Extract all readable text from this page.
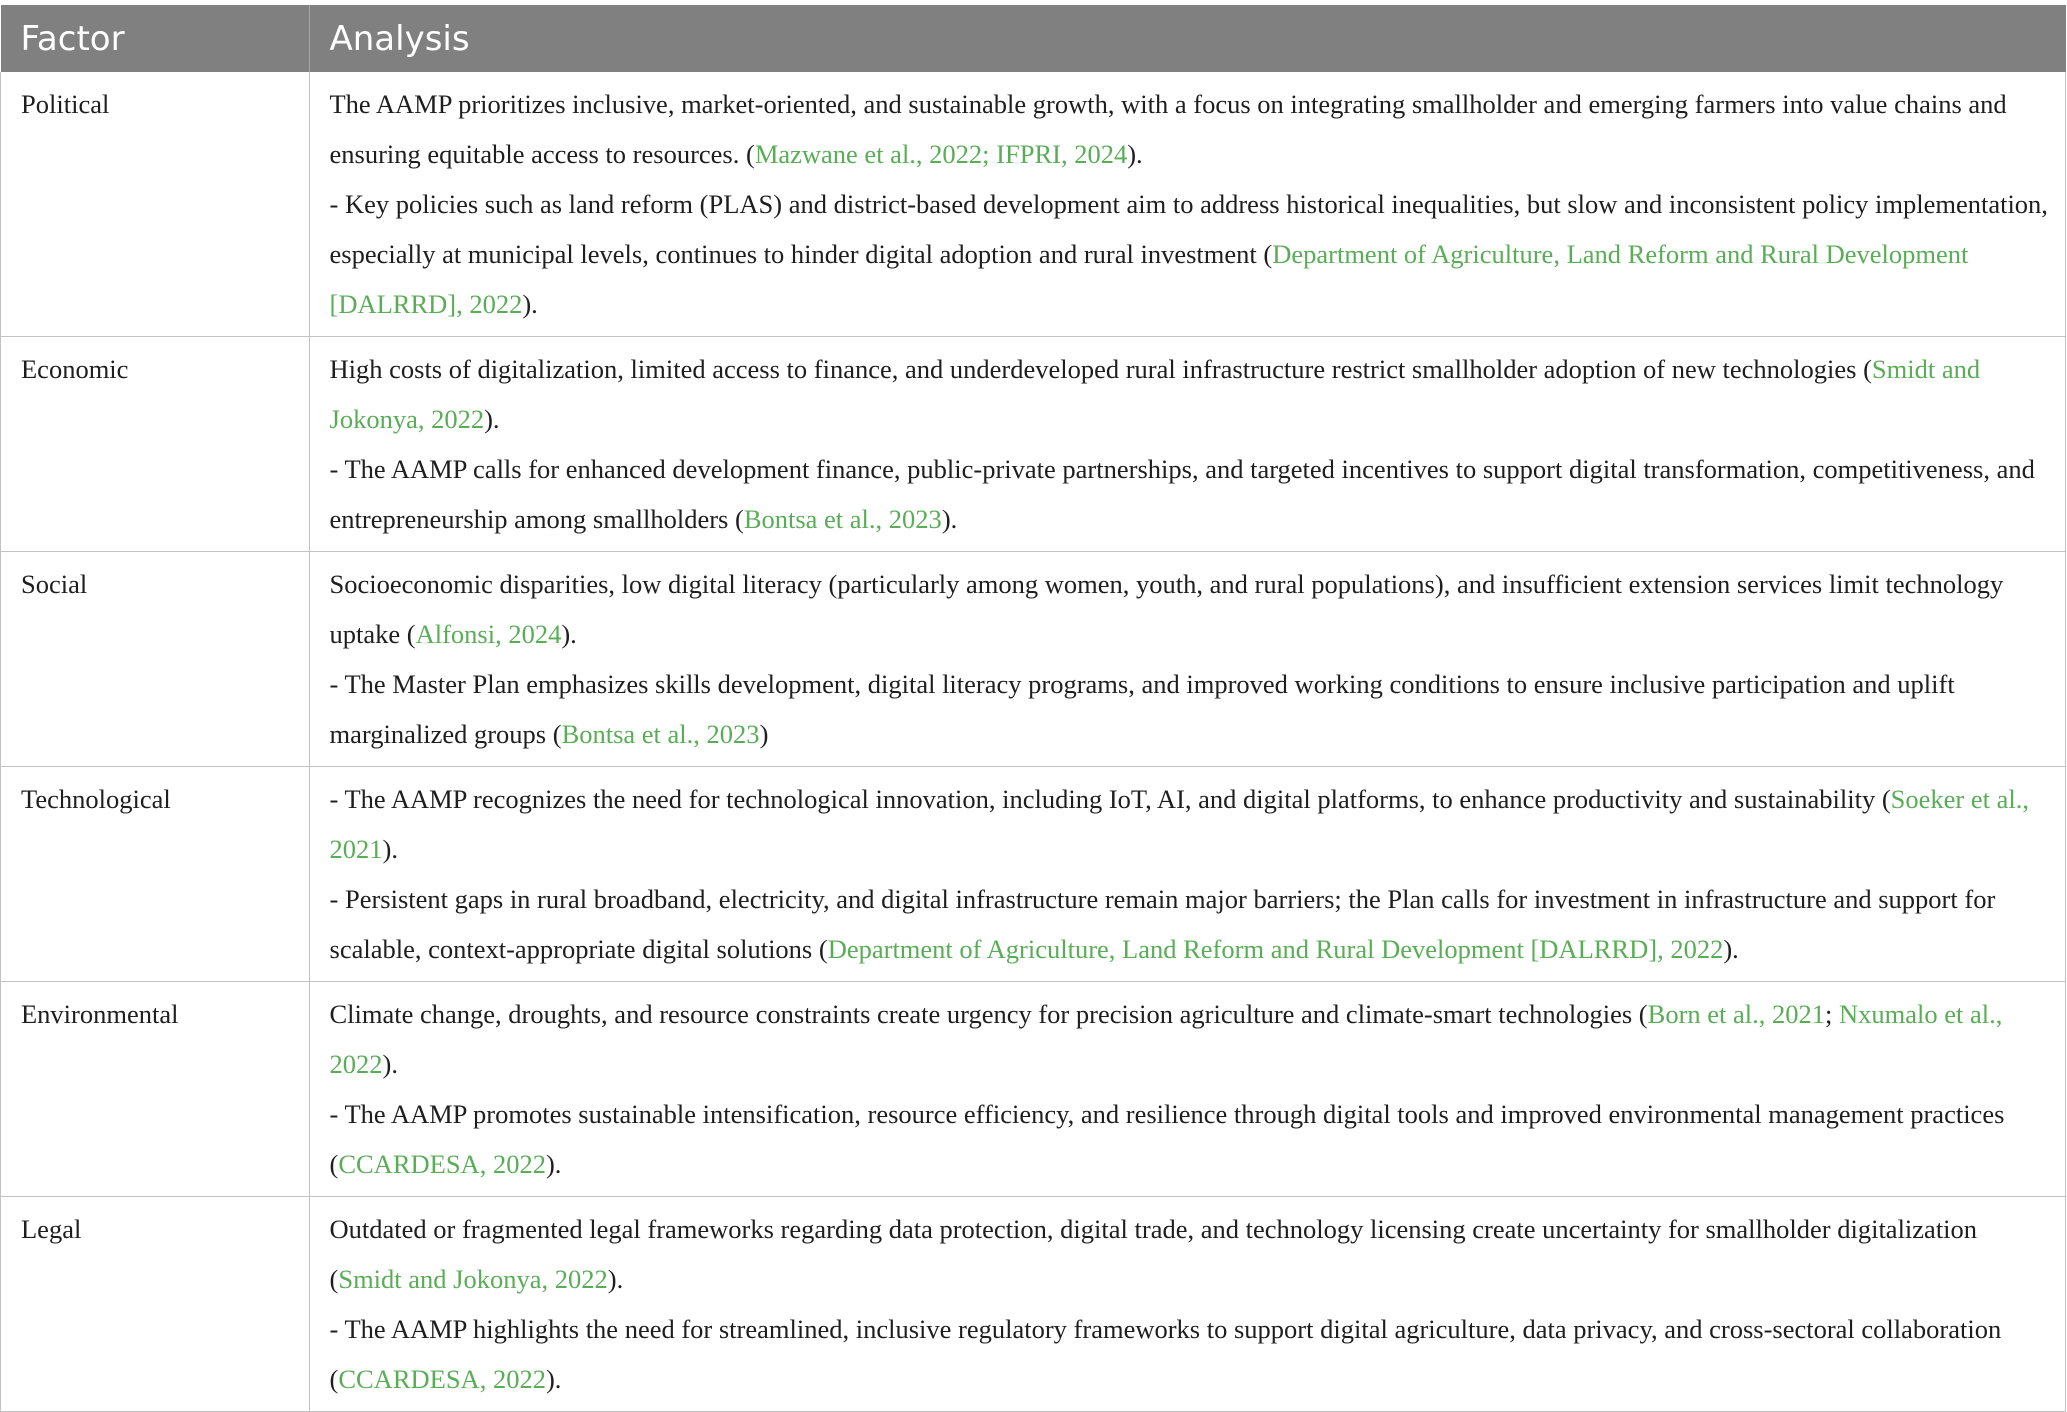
Factor	Analysis
Political	The AAMP prioritizes inclusive, market-oriented, and sustainable growth, with a focus on integrating smallholder and emerging farmers into value chains and ensuring equitable access to resources. (Mazwane et al., 2022; IFPRI, 2024).
- Key policies such as land reform (PLAS) and district-based development aim to address historical inequalities, but slow and inconsistent policy implementation, especially at municipal levels, continues to hinder digital adoption and rural investment (Department of Agriculture, Land Reform and Rural Development [DALRRD], 2022).

Economic	High costs of digitalization, limited access to finance, and underdeveloped rural infrastructure restrict smallholder adoption of new technologies (Smidt and Jokonya, 2022).
- The AAMP calls for enhanced development finance, public-private partnerships, and targeted incentives to support digital transformation, competitiveness, and entrepreneurship among smallholders (Bontsa et al., 2023).

Social	Socioeconomic disparities, low digital literacy (particularly among women, youth, and rural populations), and insufficient extension services limit technology uptake (Alfonsi, 2024).
- The Master Plan emphasizes skills development, digital literacy programs, and improved working conditions to ensure inclusive participation and uplift marginalized groups (Bontsa et al., 2023)

Technological	- The AAMP recognizes the need for technological innovation, including IoT, AI, and digital platforms, to enhance productivity and sustainability (Soeker et al., 2021).
- Persistent gaps in rural broadband, electricity, and digital infrastructure remain major barriers; the Plan calls for investment in infrastructure and support for scalable, context-appropriate digital solutions (Department of Agriculture, Land Reform and Rural Development [DALRRD], 2022).

Environmental	Climate change, droughts, and resource constraints create urgency for precision agriculture and climate-smart technologies (Born et al., 2021; Nxumalo et al., 2022).
- The AAMP promotes sustainable intensification, resource efficiency, and resilience through digital tools and improved environmental management practices (CCARDESA, 2022).

Legal	Outdated or fragmented legal frameworks regarding data protection, digital trade, and technology licensing create uncertainty for smallholder digitalization (Smidt and Jokonya, 2022).
- The AAMP highlights the need for streamlined, inclusive regulatory frameworks to support digital agriculture, data privacy, and cross-sectoral collaboration (CCARDESA, 2022).
